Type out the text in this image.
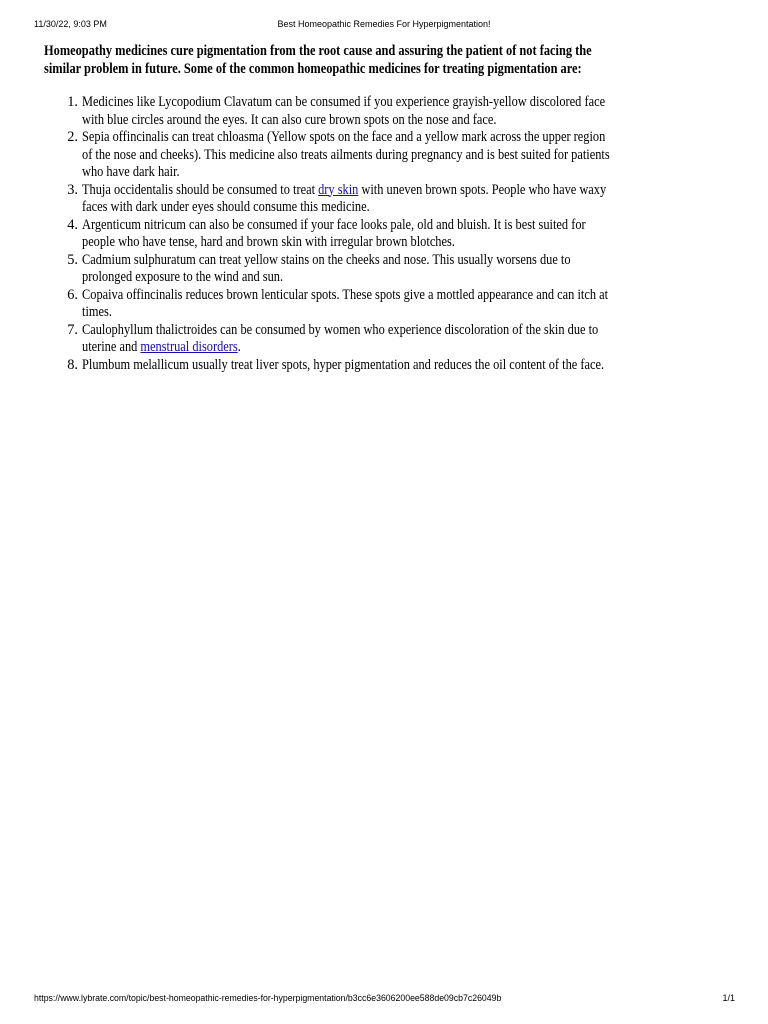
11/30/22, 9:03 PM	Best Homeopathic Remedies For Hyperpigmentation!

Homeopathy medicines cure pigmentation from the root cause and assuring the patient of not facing the
similar problem in future. Some of the common homeopathic medicines for treating pigmentation are:

1. Medicines like Lycopodium Clavatum can be consumed if you experience grayish-yellow discolored face
with blue circles around the eyes. It can also cure brown spots on the nose and face.
2. Sepia offincinalis can treat chloasma (Yellow spots on the face and a yellow mark across the upper region
of the nose and cheeks). This medicine also treats ailments during pregnancy and is best suited for patients
who have dark hair.
3. Thuja occidentalis should be consumed to treat dry skin with uneven brown spots. People who have waxy
faces with dark under eyes should consume this medicine.
4. Argenticum nitricum can also be consumed if your face looks pale, old and bluish. It is best suited for
people who have tense, hard and brown skin with irregular brown blotches.
5. Cadmium sulphuratum can treat yellow stains on the cheeks and nose. This usually worsens due to
prolonged exposure to the wind and sun.
6. Copaiva offincinalis reduces brown lenticular spots. These spots give a mottled appearance and can itch at
times.
7. Caulophyllum thalictroides can be consumed by women who experience discoloration of the skin due to
uterine and menstrual disorders.
8. Plumbum melallicum usually treat liver spots, hyper pigmentation and reduces the oil content of the face.
https://www.lybrate.com/topic/best-homeopathic-remedies-for-hyperpigmentation/b3cc6e3606200ee588de09cb7c26049b	1/1
